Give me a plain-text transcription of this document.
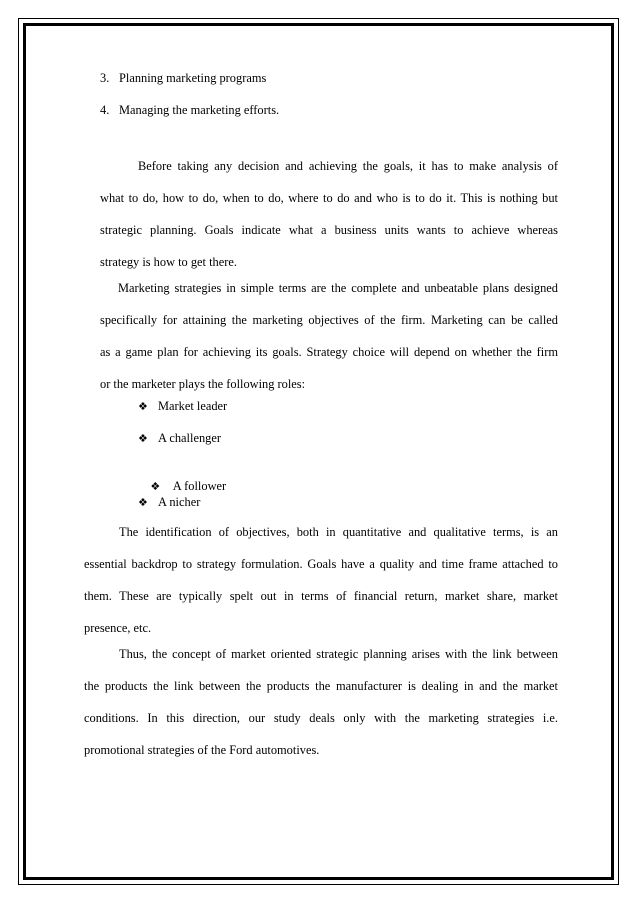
3. Planning marketing programs
4. Managing the marketing efforts.
Before taking any decision and achieving the goals, it has to make analysis of
what to do, how to do, when to do, where to do and who is to do it. This is nothing but
strategic planning. Goals indicate what a business units wants to achieve whereas
strategy is how to get there.
Marketing strategies in simple terms are the complete and unbeatable plans designed
specifically for attaining the marketing objectives of the firm. Marketing can be called
as a game plan for achieving its goals. Strategy choice will depend on whether the firm
or the marketer plays the following roles:
❖ Market leader
❖ A challenger

❖ A follower

❖ A nicher
The identification of objectives, both in quantitative and qualitative terms, is an
essential backdrop to strategy formulation. Goals have a quality and time frame attached to
them. These are typically spelt out in terms of financial return, market share, market
presence, etc.
Thus, the concept of market oriented strategic planning arises with the link between
the products the link between the products the manufacturer is dealing in and the market
conditions. In this direction, our study deals only with the marketing strategies i.e.
promotional strategies of the Ford automotives.
